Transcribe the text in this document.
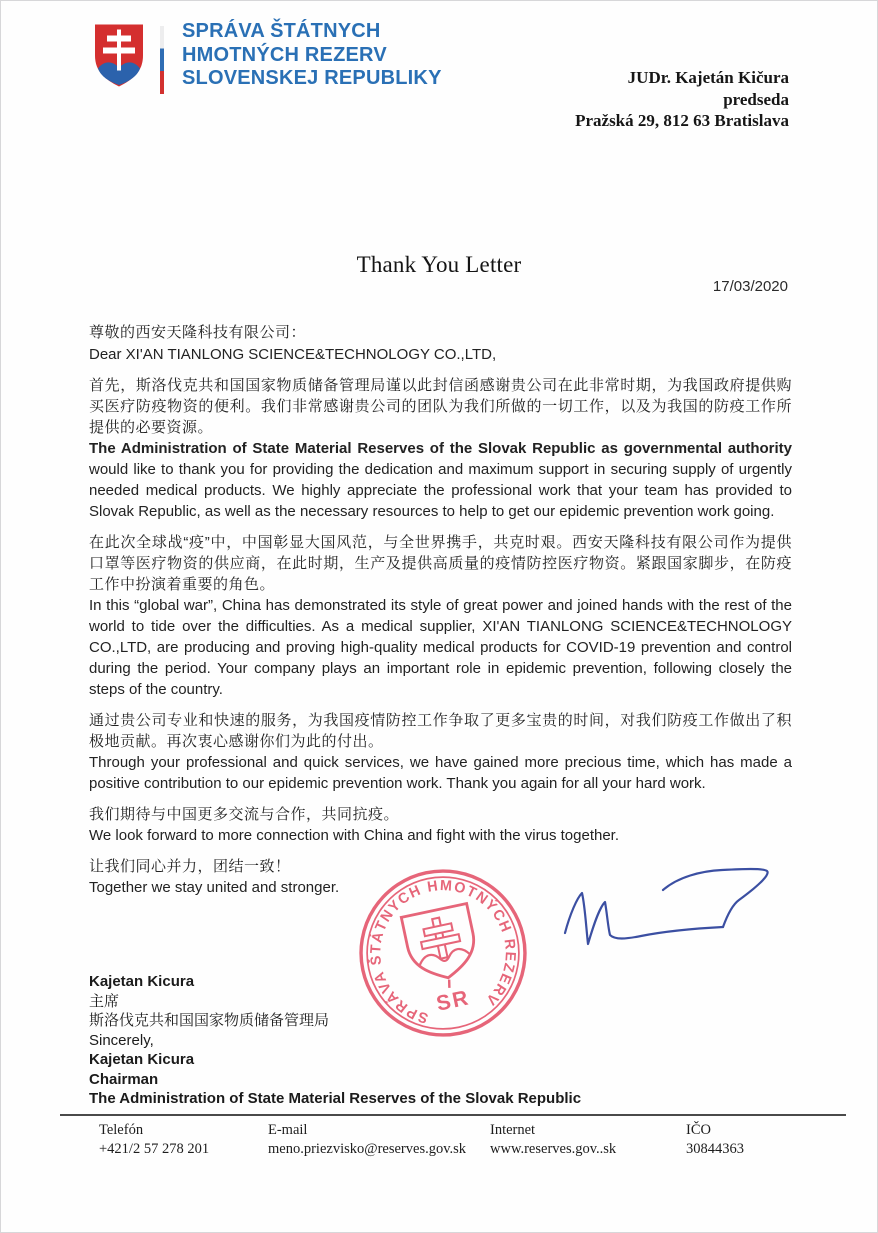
SPRÁVA ŠTÁTNYCH
HMOTNÝCH REZERV
SLOVENSKEJ REPUBLIKY	JUDr. Kajetán Kičura
predseda
Pražská 29, 812 63 Bratislava
Thank You Letter
17/03/2020
尊敬的西安天隆科技有限公司：
Dear XI'AN TIANLONG SCIENCE&TECHNOLOGY CO.,LTD,
首先，斯洛伐克共和国国家物质储备管理局谨以此封信函感谢贵公司在此非常时期，为我国政府提供购买医疗防疫物资的便利。我们非常感谢贵公司的团队为我们所做的一切工作，以及为我国的防疫工作所提供的必要资源。
The Administration of State Material Reserves of the Slovak Republic as governmental authority would like to thank you for providing the dedication and maximum support in securing supply of urgently needed medical products. We highly appreciate the professional work that your team has provided to Slovak Republic, as well as the necessary resources to help to get our epidemic prevention work going.
在此次全球战“疫”中，中国彰显大国风范，与全世界携手，共克时艰。西安天隆科技有限公司作为提供口罩等医疗物资的供应商，在此时期，生产及提供高质量的疫情防控医疗物资。紧跟国家脚步，在防疫工作中扮演着重要的角色。
In this “global war”, China has demonstrated its style of great power and joined hands with the rest of the world to tide over the difficulties. As a medical supplier, XI'AN TIANLONG SCIENCE&TECHNOLOGY CO.,LTD, are producing and proving high-quality medical products for COVID-19 prevention and control during the period. Your company plays an important role in epidemic prevention, following closely the steps of the country.
通过贵公司专业和快速的服务，为我国疫情防控工作争取了更多宝贵的时间，对我们防疫工作做出了积极地贡献。再次衷心感谢你们为此的付出。
Through your professional and quick services, we have gained more precious time, which has made a positive contribution to our epidemic prevention work. Thank you again for all your hard work.
我们期待与中国更多交流与合作，共同抗疫。
We look forward to more connection with China and fight with the virus together.
让我们同心并力，团结一致！
Together we stay united and stronger.
SPRÁVA ŠTÁTNYCH HMOTNÝCH REZERV
SR
Kajetan Kicura
主席
斯洛伐克共和国国家物质储备管理局
Sincerely,
Kajetan Kicura
Chairman
The Administration of State Material Reserves of the Slovak Republic
Telefón
+421/2 57 278 201
E-mail
meno.priezvisko@reserves.gov.sk
Internet
www.reserves.gov..sk
IČO
30844363
